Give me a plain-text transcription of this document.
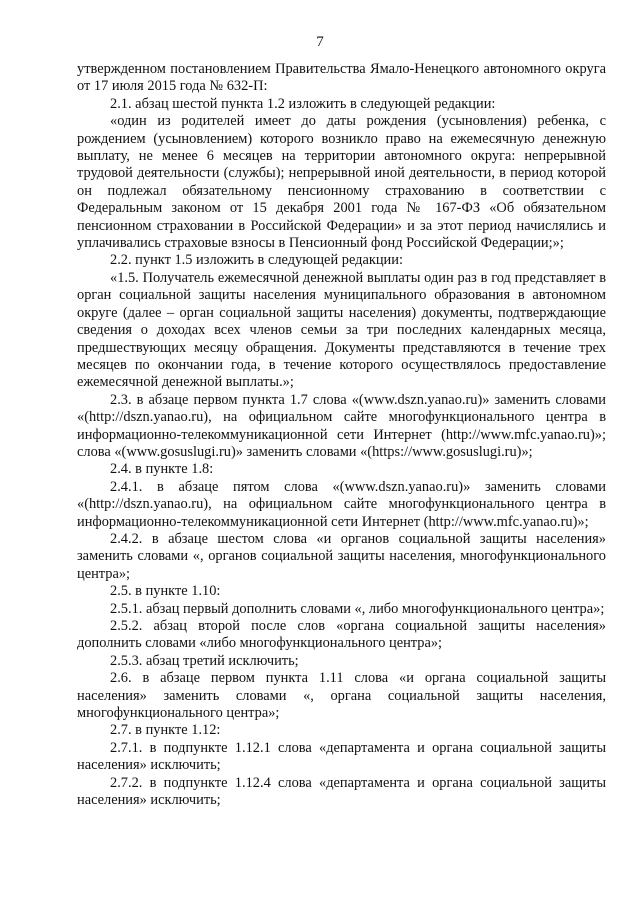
7

утвержденном постановлением Правительства Ямало-Ненецкого автономного округа от 17 июля 2015 года № 632-П:

2.1. абзац шестой пункта 1.2 изложить в следующей редакции:

«один из родителей имеет до даты рождения (усыновления) ребенка, с рождением (усыновлением) которого возникло право на ежемесячную денежную выплату, не менее 6 месяцев на территории автономного округа: непрерывной трудовой деятельности (службы); непрерывной иной деятельности, в период которой он подлежал обязательному пенсионному страхованию в соответствии с Федеральным законом от 15 декабря 2001 года № 167-ФЗ «Об обязательном пенсионном страховании в Российской Федерации» и за этот период начислялись и уплачивались страховые взносы в Пенсионный фонд Российской Федерации;»;

2.2. пункт 1.5 изложить в следующей редакции:

«1.5. Получатель ежемесячной денежной выплаты один раз в год представляет в орган социальной защиты населения муниципального образования в автономном округе (далее – орган социальной защиты населения) документы, подтверждающие сведения о доходах всех членов семьи за три последних календарных месяца, предшествующих месяцу обращения. Документы представляются в течение трех месяцев по окончании года, в течение которого осуществлялось предоставление ежемесячной денежной выплаты.»;

2.3. в абзаце первом пункта 1.7 слова «(www.dszn.yanao.ru)» заменить словами «(http://dszn.yanao.ru), на официальном сайте многофункционального центра в информационно-телекоммуникационной сети Интернет (http://www.mfc.yanao.ru)»; слова «(www.gosuslugi.ru)» заменить словами «(https://www.gosuslugi.ru)»;

2.4. в пункте 1.8:

2.4.1. в абзаце пятом слова «(www.dszn.yanao.ru)» заменить словами «(http://dszn.yanao.ru), на официальном сайте многофункционального центра в информационно-телекоммуникационной сети Интернет (http://www.mfc.yanao.ru)»;

2.4.2. в абзаце шестом слова «и органов социальной защиты населения» заменить словами «, органов социальной защиты населения, многофункционального центра»;

2.5. в пункте 1.10:

2.5.1. абзац первый дополнить словами «, либо многофункционального центра»;

2.5.2. абзац второй после слов «органа социальной защиты населения» дополнить словами «либо многофункционального центра»;

2.5.3. абзац третий исключить;

2.6. в абзаце первом пункта 1.11 слова «и органа социальной защиты населения» заменить словами «, органа социальной защиты населения, многофункционального центра»;

2.7. в пункте 1.12:

2.7.1. в подпункте 1.12.1 слова «департамента и органа социальной защиты населения» исключить;

2.7.2. в подпункте 1.12.4 слова «департамента и органа социальной защиты населения» исключить;
